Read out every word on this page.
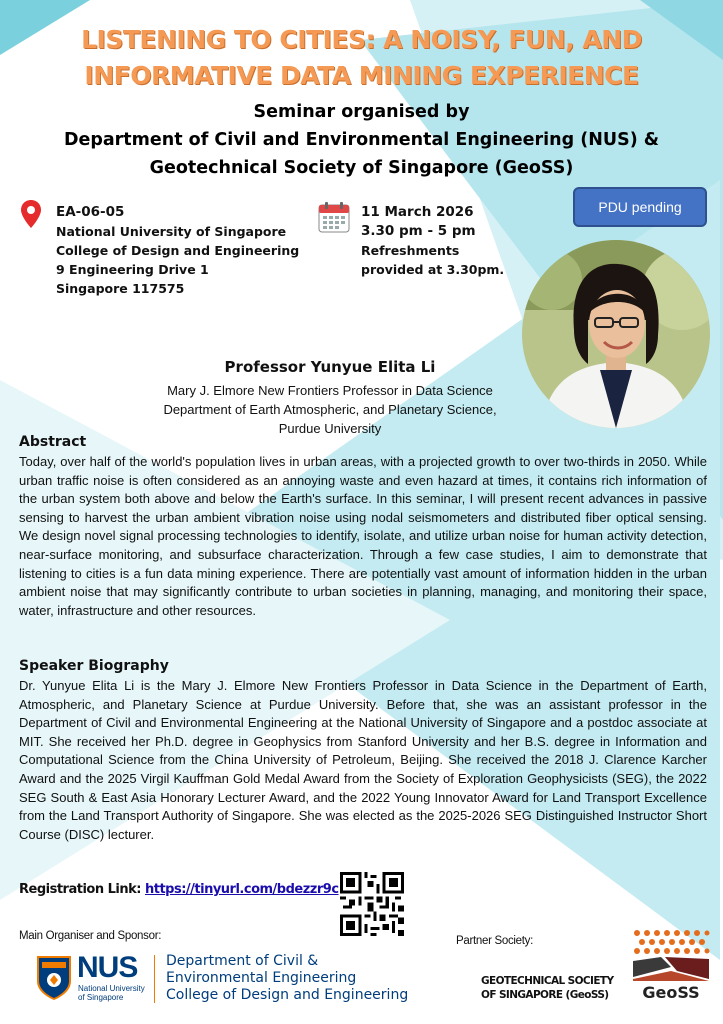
LISTENING TO CITIES: A NOISY, FUN, AND
INFORMATIVE DATA MINING EXPERIENCE
Seminar organised by
Department of Civil and Environmental Engineering (NUS) &
Geotechnical Society of Singapore (GeoSS)
EA-06-05
National University of Singapore
College of Design and Engineering
9 Engineering Drive 1
Singapore 117575
11 March 2026
3.30 pm - 5 pm
Refreshments
provided at 3.30pm.
PDU pending
Professor Yunyue Elita Li
Mary J. Elmore New Frontiers Professor in Data Science
Department of Earth Atmospheric, and Planetary Science,
Purdue University
Abstract
Today, over half of the world's population lives in urban areas, with a projected growth to over two-thirds in 2050. While urban traffic noise is often considered as an annoying waste and even hazard at times, it contains rich information of the urban system both above and below the Earth's surface. In this seminar, I will present recent advances in passive sensing to harvest the urban ambient vibration noise using nodal seismometers and distributed fiber optical sensing. We design novel signal processing technologies to identify, isolate, and utilize urban noise for human activity detection, near-surface monitoring, and subsurface characterization. Through a few case studies, I aim to demonstrate that listening to cities is a fun data mining experience. There are potentially vast amount of information hidden in the urban ambient noise that may significantly contribute to urban societies in planning, managing, and monitoring their space, water, infrastructure and other resources.
Speaker Biography
Dr. Yunyue Elita Li is the Mary J. Elmore New Frontiers Professor in Data Science in the Department of Earth, Atmospheric, and Planetary Science at Purdue University. Before that, she was an assistant professor in the Department of Civil and Environmental Engineering at the National University of Singapore and a postdoc associate at MIT. She received her Ph.D. degree in Geophysics from Stanford University and her B.S. degree in Information and Computational Science from the China University of Petroleum, Beijing. She received the 2018 J. Clarence Karcher Award and the 2025 Virgil Kauffman Gold Medal Award from the Society of Exploration Geophysicists (SEG), the 2022 SEG South & East Asia Honorary Lecturer Award, and the 2022 Young Innovator Award for Land Transport Excellence from the Land Transport Authority of Singapore. She was elected as the 2025-2026 SEG Distinguished Instructor Short Course (DISC) lecturer.
Registration Link: https://tinyurl.com/bdezzr9c
Main Organiser and Sponsor:	Partner Society:
NUS
National University
of Singapore
Department of Civil &
Environmental Engineering
College of Design and Engineering
GEOTECHNICAL SOCIETY
OF SINGAPORE (GeoSS)	GeoSS
